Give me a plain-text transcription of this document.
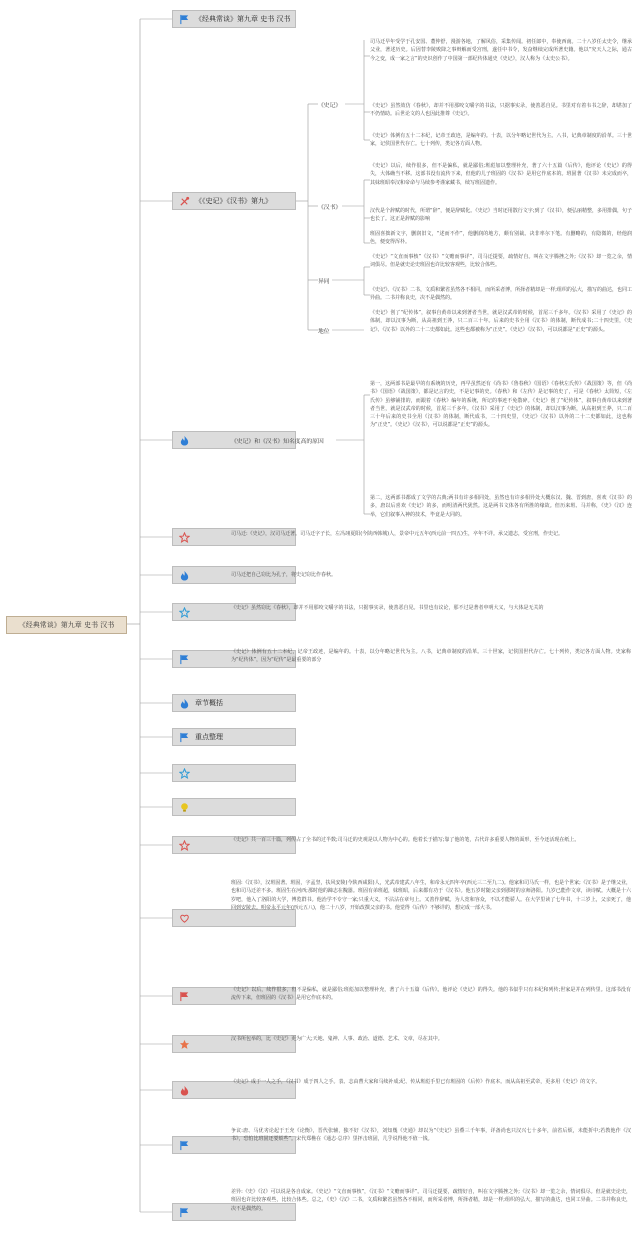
《经典常谈》第九章 史书 汉书
《经典常谈》第九章 史书 汉书
《《史记》《汉书》第九》
《史记》
《汉书》
异同
地位
司马迁早年受学于孔安国、董仲舒，漫游各地，了解风俗，采集传闻。初任郎中，奉使西南。二十八岁任太史令，继承父业，著述历史。后因替李陵败降之事辩解而受宫刑，遂任中书令，发奋继续完成所著史籍。他以“究天人之际，通古今之变，成一家之言”的史识创作了中国第一部纪传体通史《史记》，汉人称为《太史公书》。
《史记》虽然效仿《春秋》，却并不用那咬文嚼字的书法，只据事实录，使善恶自见。书里对有着韦书之辞，却堪加了不仍情助。后世论文的人也因此推尊《史记》。
《史记》体例有五十二本纪，记帝王政迹，是编年的。十表，以分年略记世代为主。八书，记典章制度的沿革。三十世家，记侯国世代存亡。七十列传，类记各方面人物。
《史记》以后，续作很多，但不是偏私，就是鄙俗;班彪加以整理补充，著了六十五篇《后传》，他评论《史记》的得失，大体确当不移。这部书没有流传下来，但他的儿子班固的《汉书》是用它作底本的。班固著《汉书》未完成而卒，其妹班昭奉汉和帝命与马续参考谨家藏书，续写班固遗作。
汉代是个辞赋的时代，所谓“辞”，便是辞赋化。《史记》当时还用散行文字;到了《汉书》，便弘丽精整，多用排偶，句子也长了。这正是辞赋的影响
班固喜拙新文字，删润旧文，“述而不作”，他删润的地方，颇有别裁。决非率尔下笔。有删略的，有隐微的，经他润色，便变得浑朴。
《史记》“文直而事核”《汉书》“文赡而事详”，司马迁提要，疏情好自。叫在文字腾挫之外;《汉书》却一览之余，情词俱尽。但是就史论史班固也许比较客观些，比较合体些。
《史记》、《汉书》二书，文质和繁省虽然各不相同，而所采者博，所择者精却是一样;组织的弘大，描写的曲达，也同工异曲。二书并称良史，决不是偶然的。
《史记》创了“纪传体”，叙事自黄帝以来到著者当世，就是汉武帝的时候，首尾三千多年。《汉书》采用了《史记》的体制，却以汉事为断，从高祖到王莽，只二百三十年。后来的史书全用《汉书》的体制，断代成书;二十四史里，《史记》、《汉书》以外的二十二史都如此。这些也都被称为“正史”。《史记》《汉书》，可以说都是“正史”的源头。
《史记》和《汉书》知名度高的原因
第一，这两部书是最早的有系统的历史，再早虽然还有《尚书》《鲁春秋》《国语》《春秋左氏传》《战国策》等，但《尚书》《国语》《战国策》，都是记言的史，不是记事的史。《春秋》和《左传》是记事的史了，可是《春秋》太简短，《左氏传》虽够铺排的，而跟着《春秋》编年的系统，所记的事迹不免散碎。《史记》创了“纪传体”，叙事自黄帝以来到著者当世，就是汉武帝的时候，首尾三千多年。《汉书》采用了《史记》的体制，却以汉事为断，从高祖到王莽，只二百三十年后来的史书全用《汉书》的体制，断代成书，二十四史里，《史记》《汉书》以外的二十二史都如此，这也称为“正史”。《史记》《汉书》，可以说都是“正史”的源头。
第二，这两部书都成了文学的古典;两书有许多相同处，虽然也有许多相异处大概东汉、魏、晋到唐，喜欢《汉书》的多，唐以后喜欢《史记》的多，而明清两代犹然。这是两书文体各有所胜的缘故。但历来班、马并称，《史》《汉》连举，它们叙事入神的技术，毕竟是大同的。
司马迁:《史记》，汉司马迁著。司马迁字子长，左冯翊夏阳(今陕西韩城)人，景帝中元五年(西元前一四五)生，卒年不详。承父遗志，受宫刑，作史记。
司马迁把自己窃比为孔子，将史记窃比作春秋。
《史记》虽然窃比《春秋》，却并不用那咬文嚼字的书法，只据事实录，使善恶自见。书里也有议论，那不过是著者申明大义，与大体是无关的
《史记》体例有五十二本纪，记帝王政迹，是编年的。十表，以分年略记世代为主。八书，记典章制度的沿革。三十世家，记侯国世代存亡。七十列传，类记各方面人物。史家称为“纪传体”，因为“纪传”是最重要的部分
章节概括
重点整理
《史记》共一百三十篇，列传占了全书的过半数;司马迁的史观是以人物为中心的。他着长于描写;靠了他的笔，古代许多重要人物的面形，至今还活现在纸上。
班固:《汉书》，汉班固著。班固，字孟坚，扶风安陵(今陕西咸阳)人，光武帝建武八年生，和帝永元四年卒(西元三二至九二)。他家和司马氏一样，也是个世家;《汉书》是子继父业，也和司马迁差不多。班固生在河西;那时他的蹄志在隗嚣。班固有弟班超，妹班昭，后来都有功于《汉书》。他五岁时随父亲到那时的京师洛阳。九岁已能作文章，读诗赋。大概是十六岁吧，他入了洛阳的大学，博览群书。他治学不专守一家;只重大义，不沾沾在章句上。又善作辞赋。为人宽和容众，不以才能骄人。在大学里读了七年书，十三岁上，父亲死了，他回到安陵去。明帝永平元年(西元五八)，他二十八岁，开始改撰父亲的书。他觉得《后传》不够详的，想完成一部大书。
《史记》以后，续作很多，但不是偏私，就是鄙俗;班彪加以整理补充，著了六十五篇《后传》。他评论《史记》的得失。他的书似乎只有本纪和列传;世家是并在列传里。这部书没有流传下来，但班固的《汉书》是用它作底本的。
汉书所包举的，比《史记》更为广大;天地、鬼神、人事、政治、道德、艺术、文章，尽在其中。
《史记》成于一人之手，《汉书》成于四人之手。表、志由曹大家和马续补成;纪、传从班彪手里已有班固的《后传》作底本。而从高祖至武帝，更多用《史记》的文字。
争议:唐、马优劣论起于王充《论衡》，晋代张辅，独不好《汉书》，刘知幾《史通》却以为“《史记》虽叠三千年事，详备尚也只汉兴七十多年，前省后烦，未能折中;若教他作《汉书》，恐怕比班固还要烦些”。宋代郑樵在《通志·总序》里抨击班固，几乎说得他不值一钱。
差异:《史》《汉》可以说是各自成家。《史记》“文直而事核”，《汉书》“文赡而事详”。司马迁提要，疏情好自，叫在文字腾挫之外;《汉书》却一览之余，情词俱尽。但是就史论史，班固也许比较客观些，比较合体些。总之，《史》《汉》二书，文质和繁省虽然各不相同，而所采者博，所择者精，却是一样;组织的弘大，描写的曲达，也同工异曲。二书并称良史，决不是偶然的。
